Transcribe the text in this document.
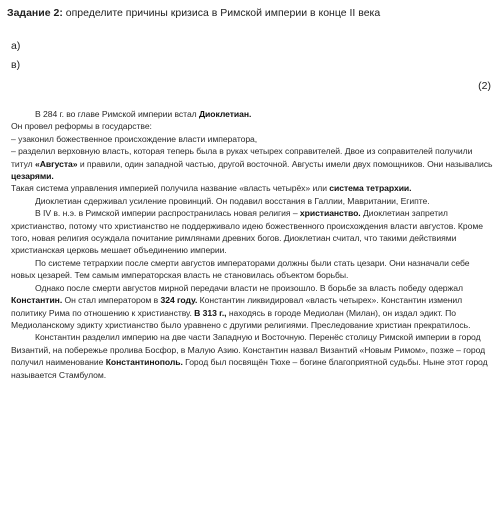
Задание 2: определите причины кризиса в Римской империи в конце II века
а)
в)
(2)

В 284 г. во главе Римской империи встал Диоклетиан.

Он провел реформы в государстве:

– узаконил божественное происхождение власти императора,

– разделил верховную власть, которая теперь была в руках четырех соправителей. Двое из соправителей получили титул «Августа» и правили, один западной частью, другой восточной. Августы имели двух помощников. Они назывались цезарями.

Такая система управления империей получила название «власть четырёх» или система тетрархии.

Диоклетиан сдерживал усиление провинций. Он подавил восстания в Галлии, Мавритании, Египте.

В IV в. н.э. в Римской империи распространилась новая религия – христианство. Диоклетиан запретил христианство, потому что христианство не поддерживало идею божественного происхождения власти августов. Кроме того, новая религия осуждала почитание римлянами древних богов. Диоклетиан считал, что такими действиями христианская церковь мешает объединению империи.

По системе тетрархии после смерти августов императорами должны были стать цезари. Они назначали себе новых цезарей. Тем самым императорская власть не становилась объектом борьбы.

Однако после смерти августов мирной передачи власти не произошло. В борьбе за власть победу одержал Константин. Он стал императором в 324 году. Константин ликвидировал «власть четырех». Константин изменил политику Рима по отношению к христианству. В 313 г., находясь в городе Медиолан (Милан), он издал эдикт. По Медиоланскому эдикту христианство было уравнено с другими религиями. Преследование христиан прекратилось.

Константин разделил империю на две части Западную и Восточную. Перенёс столицу Римской империи в город Византий, на побережье пролива Босфор, в Малую Азию. Константин назвал Византий «Новым Римом», позже – город получил наименование Константинополь. Город был посвящён Тюхе – богине благоприятной судьбы. Ныне этот город называется Стамбулом.
